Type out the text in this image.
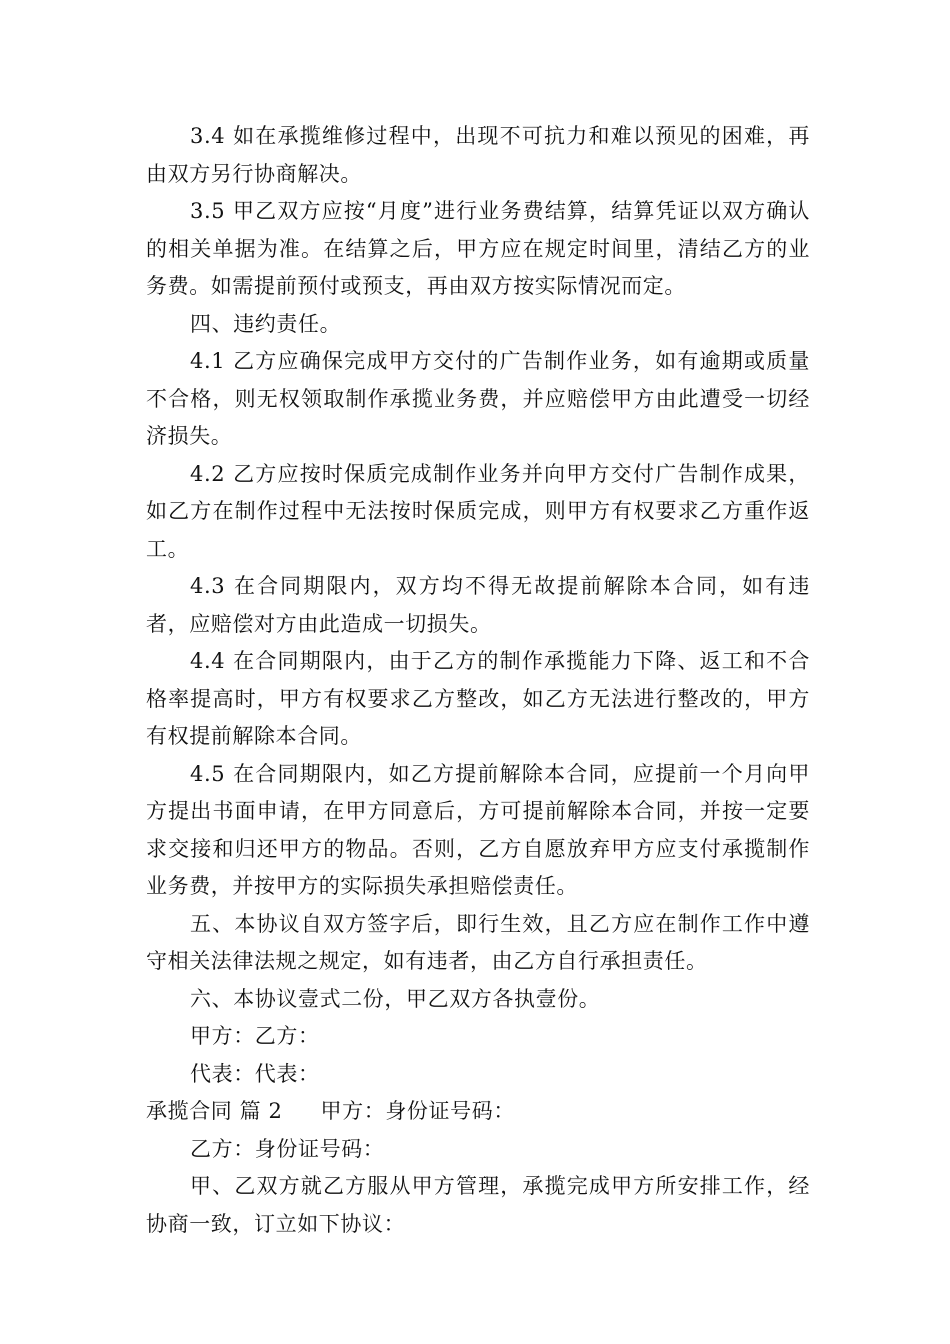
3.4 如在承揽维修过程中，出现不可抗力和难以预见的困难，再由双方另行协商解决。

3.5 甲乙双方应按“月度”进行业务费结算，结算凭证以双方确认的相关单据为准。在结算之后，甲方应在规定时间里，清结乙方的业务费。如需提前预付或预支，再由双方按实际情况而定。

四、违约责任。

4.1 乙方应确保完成甲方交付的广告制作业务，如有逾期或质量不合格，则无权领取制作承揽业务费，并应赔偿甲方由此遭受一切经济损失。

4.2 乙方应按时保质完成制作业务并向甲方交付广告制作成果，如乙方在制作过程中无法按时保质完成，则甲方有权要求乙方重作返工。

4.3 在合同期限内，双方均不得无故提前解除本合同，如有违者，应赔偿对方由此造成一切损失。

4.4 在合同期限内，由于乙方的制作承揽能力下降、返工和不合格率提高时，甲方有权要求乙方整改，如乙方无法进行整改的，甲方有权提前解除本合同。

4.5 在合同期限内，如乙方提前解除本合同，应提前一个月向甲方提出书面申请，在甲方同意后，方可提前解除本合同，并按一定要求交接和归还甲方的物品。否则，乙方自愿放弃甲方应支付承揽制作业务费，并按甲方的实际损失承担赔偿责任。

五、本协议自双方签字后，即行生效，且乙方应在制作工作中遵守相关法律法规之规定，如有违者，由乙方自行承担责任。

六、本协议壹式二份，甲乙双方各执壹份。

甲方：乙方：

代表：代表：

承揽合同 篇 2 甲方：身份证号码：

乙方：身份证号码：

甲、乙双方就乙方服从甲方管理，承揽完成甲方所安排工作，经协商一致，订立如下协议：
